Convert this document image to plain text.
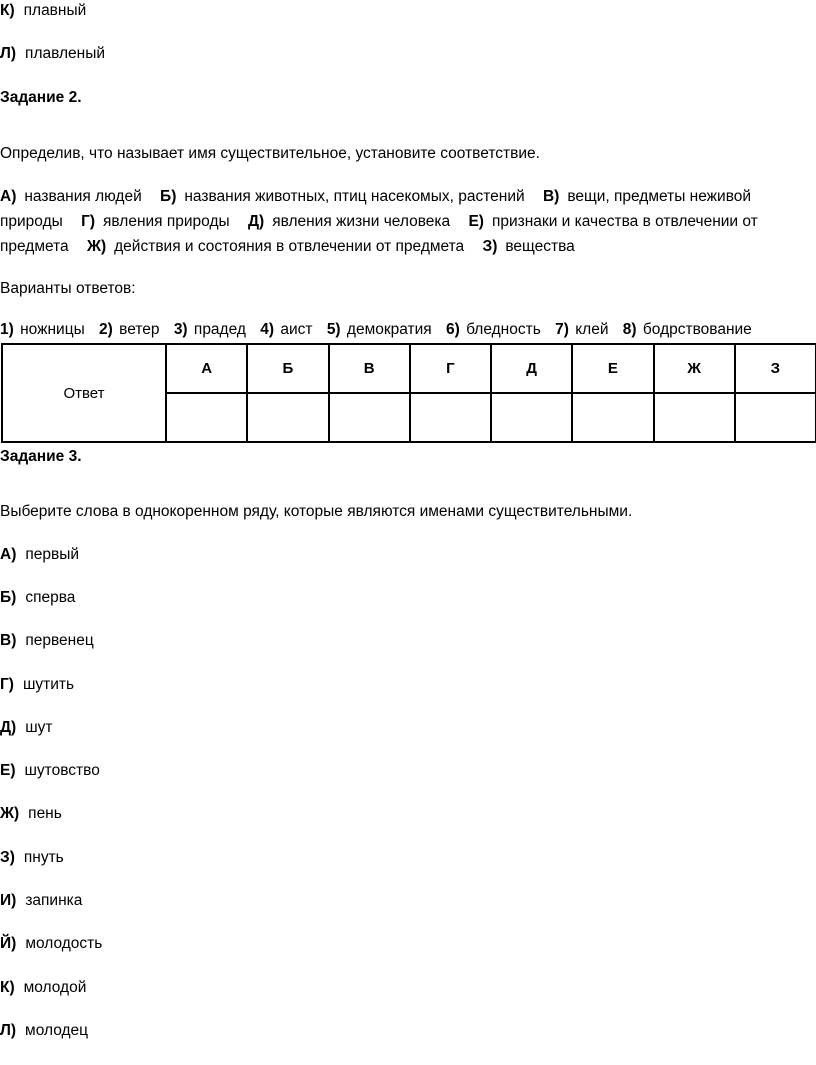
К) плавный
Л) плавленый
Задание 2.
Определив, что называет имя существительное, установите соответствие.
А) названия людей Б) названия животных, птиц насекомых, растений В) вещи, предметы неживой природы Г) явления природы Д) явления жизни человека Е) признаки и качества в отвлечении от предмета Ж) действия и состояния в отвлечении от предмета З) вещества
Варианты ответов:
1) ножницы 2) ветер 3) прадед 4) аист 5) демократия 6) бледность 7) клей 8) бодрствование
Ответ	А	Б	В	Г	Д	Е	Ж	З

Задание 3.
Выберите слова в однокоренном ряду, которые являются именами существительными.
А) первый
Б) сперва
В) первенец
Г) шутить
Д) шут
Е) шутовство
Ж) пень
З) пнуть
И) запинка
Й) молодость
К) молодой
Л) молодец
